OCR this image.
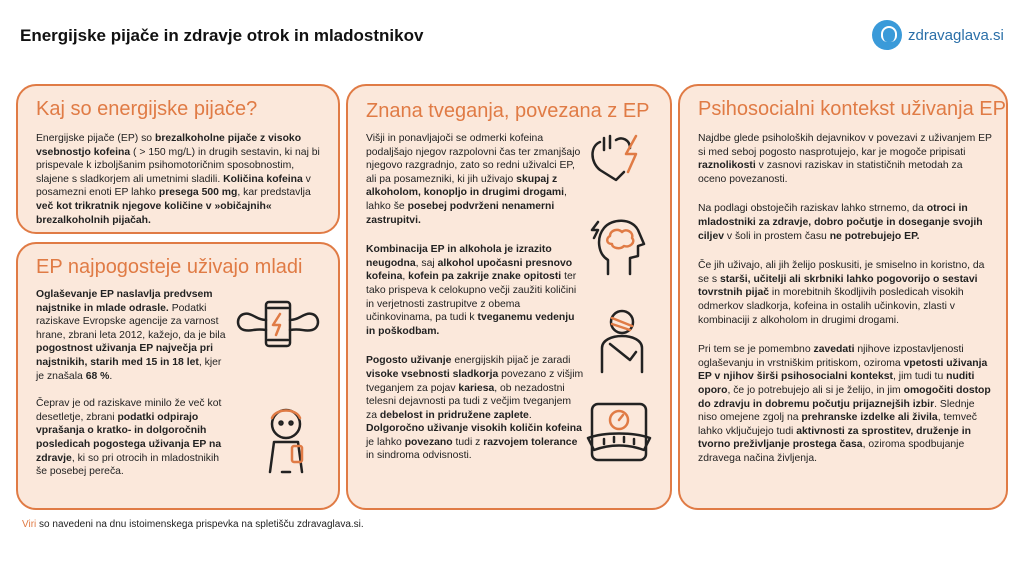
Energijske pijače in zdravje otrok in mladostnikov	zdravaglava.si
Kaj so energijske pijače?

Energijske pijače (EP) so brezalkoholne pijače z visoko vsebnostjo kofeina ( > 150 mg/L) in drugih sestavin, ki naj bi prispevale k izboljšanim psihomotoričnim sposobnostim, slajene s sladkorjem ali umetnimi sladili. Količina kofeina v posamezni enoti EP lahko presega 500 mg, kar predstavlja več kot trikratnik njegove količine v »običajnih« brezalkoholnih pijačah.

EP najpogosteje uživajo mladi

Oglaševanje EP naslavlja predvsem najstnike in mlade odrasle. Podatki raziskave Evropske agencije za varnost hrane, zbrani leta 2012, kažejo, da je bila pogostnost uživanja EP največja pri najstnikih, starih med 15 in 18 let, kjer je znašala 68 %.

Čeprav je od raziskave minilo že več kot desetletje, zbrani podatki odpirajo vprašanja o kratko- in dolgoročnih posledicah pogostega uživanja EP na zdravje, ki so pri otrocih in mladostnikih še posebej pereča.

Znana tveganja, povezana z EP

Višji in ponavljajoči se odmerki kofeina podaljšajo njegov razpolovni čas ter zmanjšajo njegovo razgradnjo, zato so redni uživalci EP, ali pa posamezniki, ki jih uživajo skupaj z alkoholom, konopljo in drugimi drogami, lahko še posebej podvrženi nenamerni zastrupitvi.

Kombinacija EP in alkohola je izrazito neugodna, saj alkohol upočasni presnovo kofeina, kofein pa zakrije znake opitosti ter tako prispeva k celokupno večji zaužiti količini in verjetnosti zastrupitve z obema učinkovinama, pa tudi k tveganemu vedenju in poškodbam.

Pogosto uživanje energijskih pijač je zaradi visoke vsebnosti sladkorja povezano z višjim tveganjem za pojav kariesa, ob nezadostni telesni dejavnosti pa tudi z večjim tveganjem za debelost in pridružene zaplete. Dolgoročno uživanje visokih količin kofeina je lahko povezano tudi z razvojem tolerance in sindroma odvisnosti.

Psihosocialni kontekst uživanja EP

Najdbe glede psiholoških dejavnikov v povezavi z uživanjem EP si med seboj pogosto nasprotujejo, kar je mogoče pripisati raznolikosti v zasnovi raziskav in statističnih metodah za oceno povezanosti.

Na podlagi obstoječih raziskav lahko strnemo, da otroci in mladostniki za zdravje, dobro počutje in doseganje svojih ciljev v šoli in prostem času ne potrebujejo EP.

Če jih uživajo, ali jih želijo poskusiti, je smiselno in koristno, da se s starši, učitelji ali skrbniki lahko pogovorijo o sestavi tovrstnih pijač in morebitnih škodljivih posledicah visokih odmerkov sladkorja, kofeina in ostalih učinkovin, zlasti v kombinaciji z alkoholom in drugimi drogami.

Pri tem se je pomembno zavedati njihove izpostavljenosti oglaševanju in vrstniškim pritiskom, oziroma vpetosti uživanja EP v njihov širši psihosocialni kontekst, jim tudi tu nuditi oporo, če jo potrebujejo ali si je želijo, in jim omogočiti dostop do zdravju in dobremu počutju prijaznejših izbir. Slednje niso omejene zgolj na prehranske izdelke ali živila, temveč lahko vključujejo tudi aktivnosti za sprostitev, druženje in tvorno preživljanje prostega časa, oziroma spodbujanje zdravega načina življenja.

Viri so navedeni na dnu istoimenskega prispevka na spletišču zdravaglava.si.
